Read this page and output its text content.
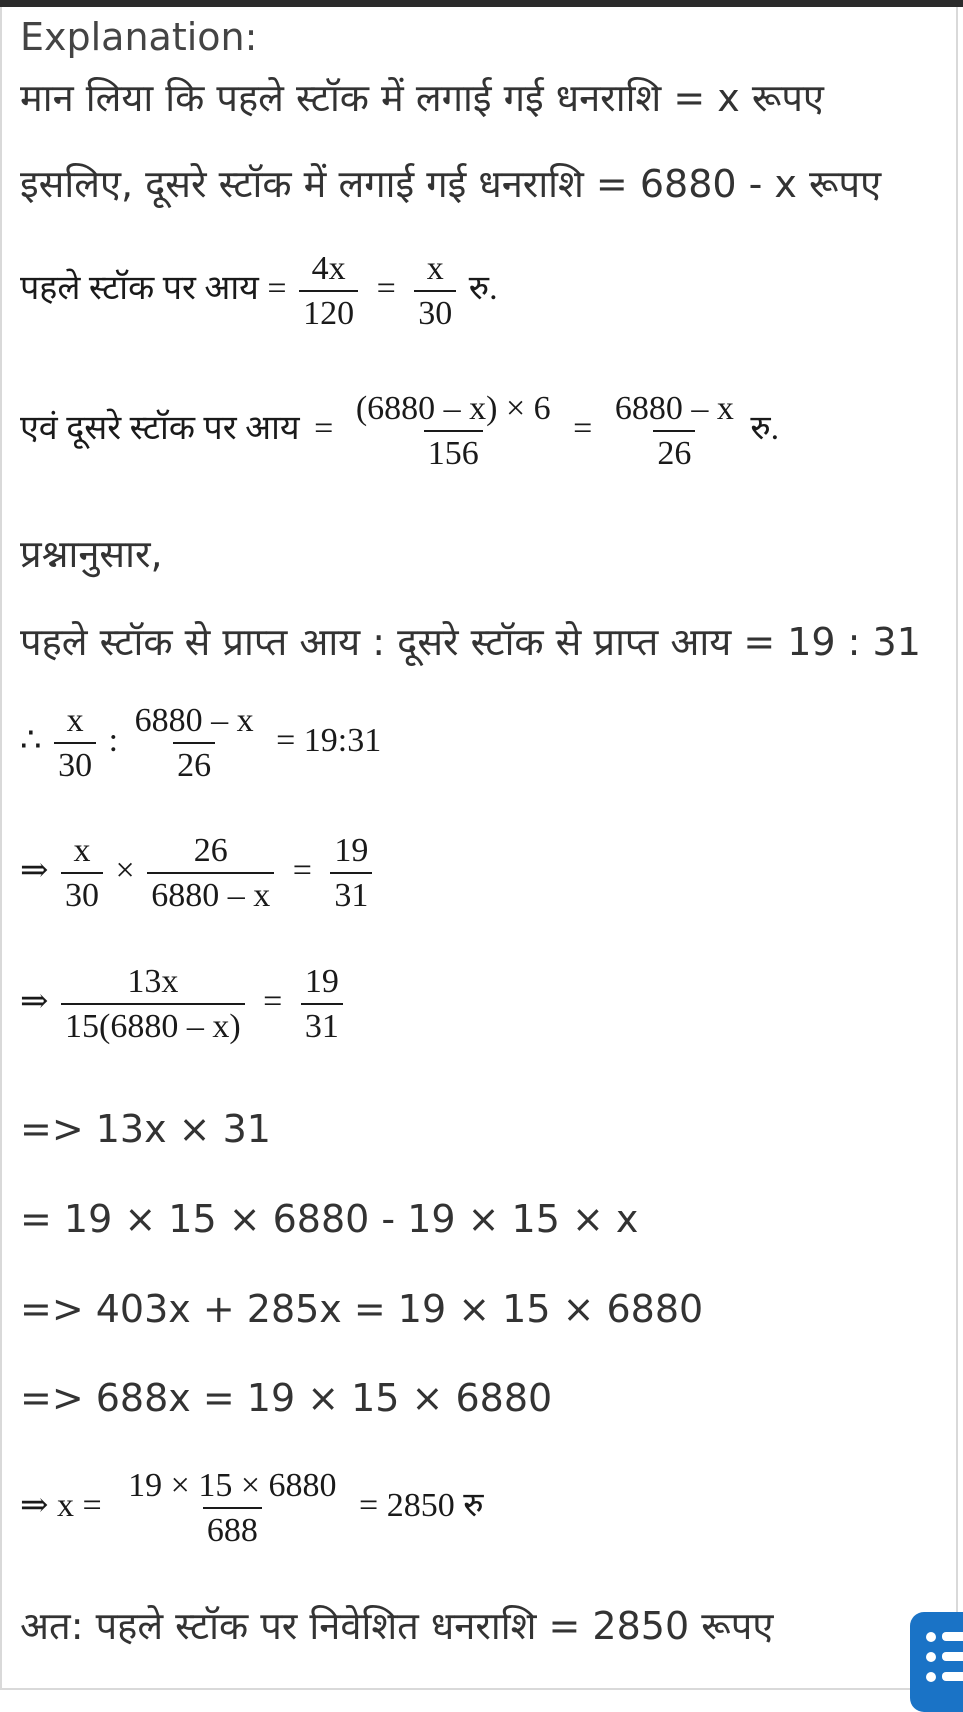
Explanation:
मान लिया कि पहले स्टॉक में लगाई गई धनराशि = x रूपए
इसलिए, दूसरे स्टॉक में लगाई गई धनराशि = 6880 - x रूपए
पहले स्टॉक पर आय = $\frac{4x}{120} = \frac{x}{30}$ रु.
एवं दूसरे स्टॉक पर आय = $\frac{(6880 - x) \times 6}{156} = \frac{6880 - x}{26}$ रु.
प्रश्नानुसार,
पहले स्टॉक से प्राप्त आय : दूसरे स्टॉक से प्राप्त आय = 19 : 31
∴ $\frac{x}{30}$ : $\frac{6880 - x}{26}$ = 19:31
⇒ $\frac{x}{30} \times \frac{26}{6880 - x} = \frac{19}{31}$
⇒ $\frac{13x}{15(6880 - x)} = \frac{19}{31}$
=> 13x × 31
= 19 × 15 × 6880 - 19 × 15 × x
=> 403x + 285x = 19 × 15 × 6880
=> 688x = 19 × 15 × 6880
⇒ $x = \frac{19 \times 15 \times 6880}{688} = 2850$ रु
अत: पहले स्टॉक पर निवेशित धनराशि = 2850 रूपए
